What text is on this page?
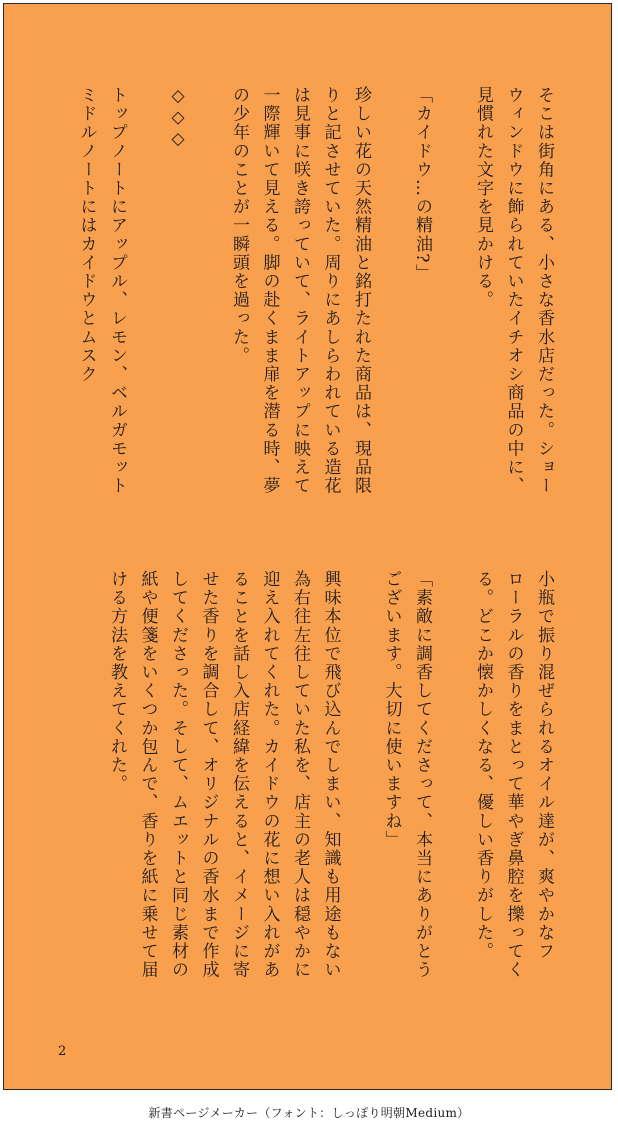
そこは街角にある、小さな香水店だった。ショー
ウィンドウに飾られていたイチオシ商品の中に、
見慣れた文字を見かける。
「カイドウ…の精油?」
珍しい花の天然精油と銘打たれた商品は、現品限
りと記させていた。周りにあしらわれている造花
は見事に咲き誇っていて、ライトアップに映えて
一際輝いて見える。脚の赴くまま扉を潜る時、夢
の少年のことが一瞬頭を過った。
◇◇◇
トップノートにアップル、レモン、ベルガモット
ミドルノートにはカイドウとムスク
小瓶で振り混ぜられるオイル達が、爽やかなフ
ローラルの香りをまとって華やぎ鼻腔を擽ってく
る。どこか懐かしくなる、優しい香りがした。
「素敵に調香してくださって、本当にありがとう
ございます。大切に使いますね」
興味本位で飛び込んでしまい、知識も用途もない
為右往左往していた私を、店主の老人は穏やかに
迎え入れてくれた。カイドウの花に想い入れがあ
ることを話し入店経緯を伝えると、イメージに寄
せた香りを調合して、オリジナルの香水まで作成
してくださった。そして、ムエットと同じ素材の
紙や便箋をいくつか包んで、香りを紙に乗せて届
ける方法を教えてくれた。
2
新書ページメーカー（フォント：しっぽり明朝Medium）
